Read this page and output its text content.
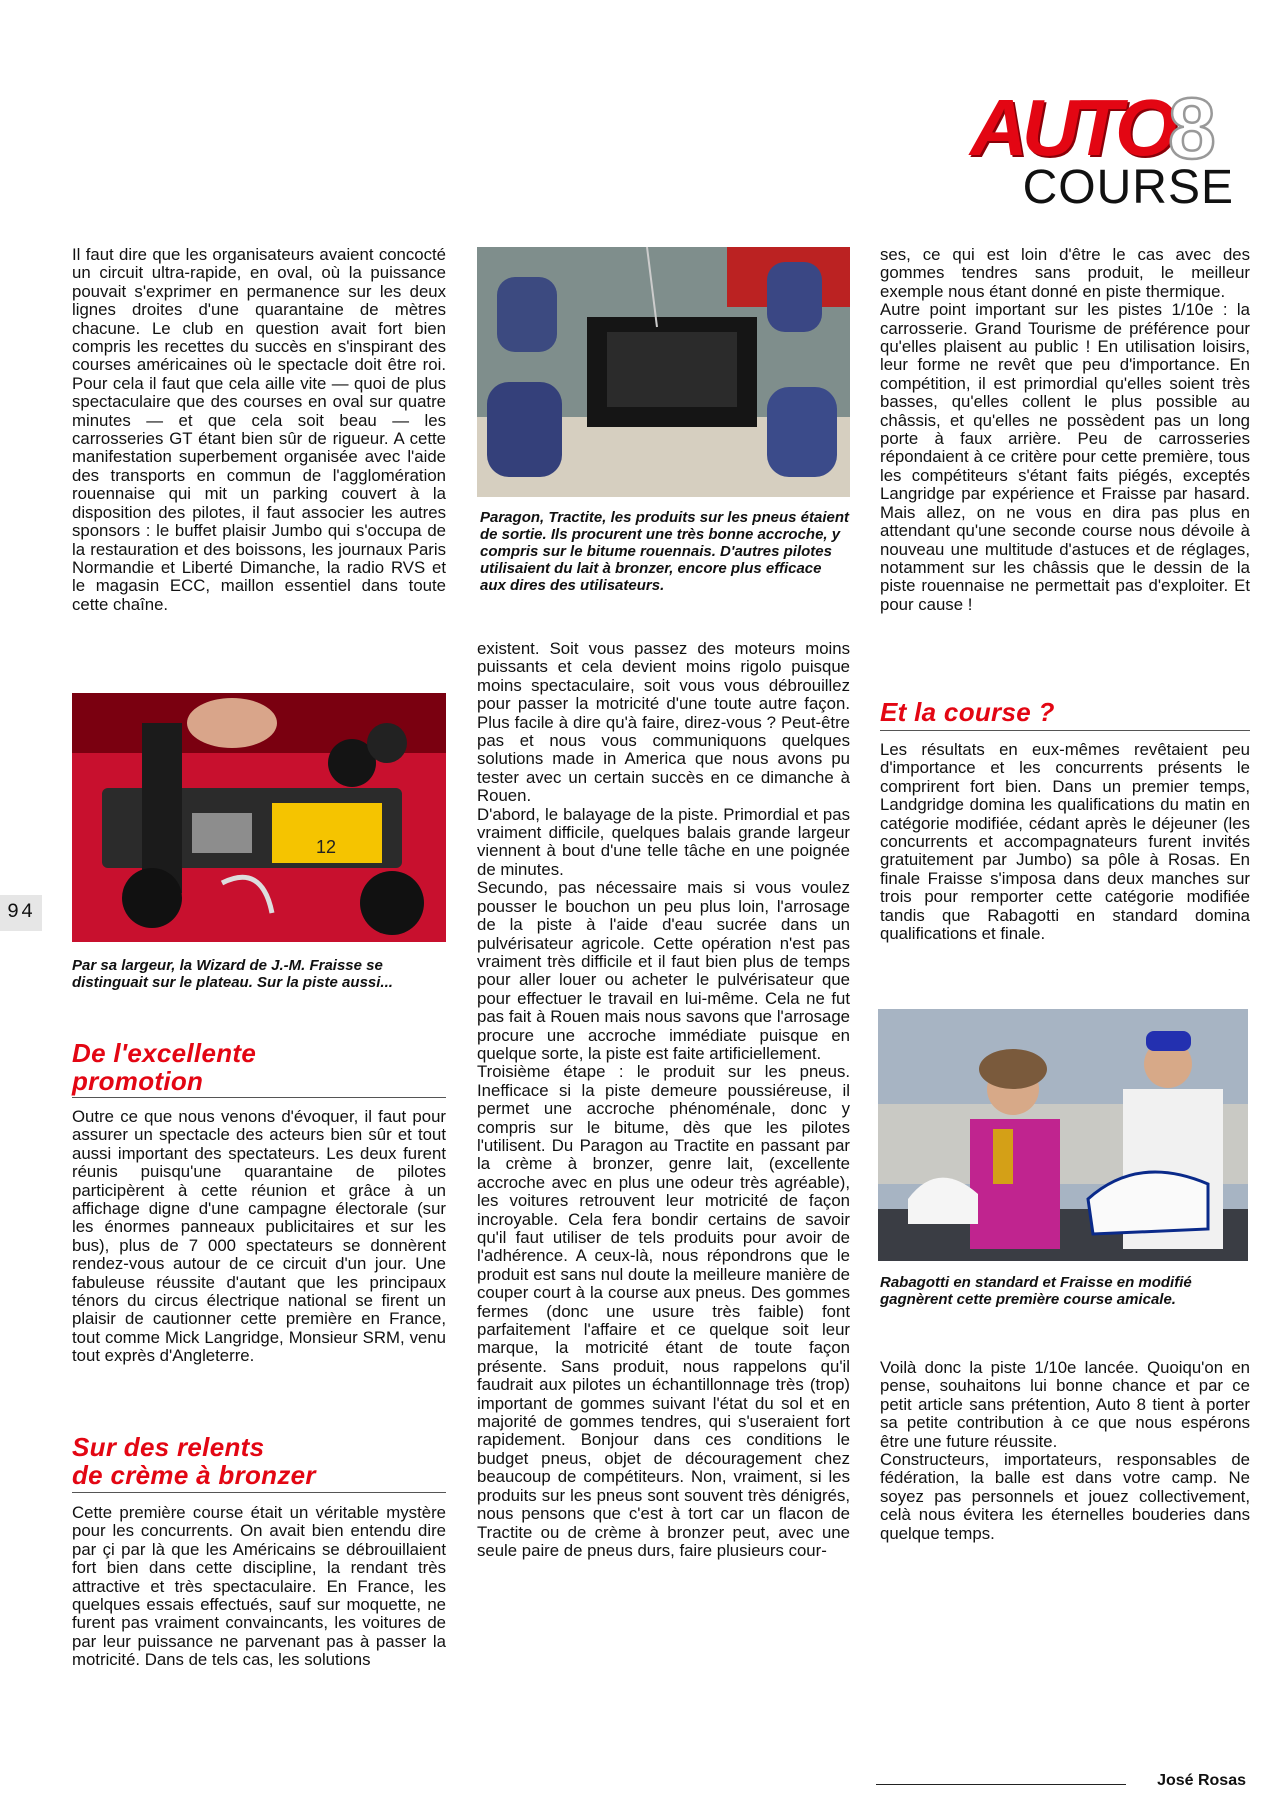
AUTO
8
COURSE
94

Il faut dire que les organisateurs avaient concocté un circuit ultra-rapide, en oval, où la puissance pouvait s'exprimer en permanence sur les deux lignes droites d'une quarantaine de mètres chacune. Le club en question avait fort bien compris les recettes du succès en s'inspirant des courses américaines où le spectacle doit être roi. Pour cela il faut que cela aille vite — quoi de plus spectaculaire que des courses en oval sur quatre minutes — et que cela soit beau — les carrosseries GT étant bien sûr de rigueur. A cette manifestation superbement organisée avec l'aide des transports en commun de l'agglomération rouennaise qui mit un parking couvert à la disposition des pilotes, il faut associer les autres sponsors : le buffet plaisir Jumbo qui s'occupa de la restauration et des boissons, les journaux Paris Normandie et Liberté Dimanche, la radio RVS et le magasin ECC, maillon essentiel dans toute cette chaîne.

12
Par sa largeur, la Wizard de J.-M. Fraisse se distinguait sur le plateau. Sur la piste aussi...
De l'excellente
promotion

Outre ce que nous venons d'évoquer, il faut pour assurer un spectacle des acteurs bien sûr et tout aussi important des spectateurs. Les deux furent réunis puisqu'une quarantaine de pilotes participèrent à cette réunion et grâce à un affichage digne d'une campagne électorale (sur les énormes panneaux publicitaires et sur les bus), plus de 7 000 spectateurs se donnèrent rendez-vous autour de ce circuit d'un jour. Une fabuleuse réussite d'autant que les principaux ténors du circus électrique national se firent un plaisir de cautionner cette première en France, tout comme Mick Langridge, Monsieur SRM, venu tout exprès d'Angleterre.

Sur des relents
de crème à bronzer

Cette première course était un véritable mystère pour les concurrents. On avait bien entendu dire par çi par là que les Américains se débrouillaient fort bien dans cette discipline, la rendant très attractive et très spectaculaire. En France, les quelques essais effectués, sauf sur moquette, ne furent pas vraiment convaincants, les voitures de par leur puissance ne parvenant pas à passer la motricité. Dans de tels cas, les solutions

Paragon, Tractite, les produits sur les pneus étaient de sortie. Ils procurent une très bonne accroche, y compris sur le bitume rouennais. D'autres pilotes utilisaient du lait à bronzer, encore plus efficace aux dires des utilisateurs.

existent. Soit vous passez des moteurs moins puissants et cela devient moins rigolo puisque moins spectaculaire, soit vous vous débrouillez pour passer la motricité d'une toute autre façon. Plus facile à dire qu'à faire, direz-vous ? Peut-être pas et nous vous communiquons quelques solutions made in America que nous avons pu tester avec un certain succès en ce dimanche à Rouen.

D'abord, le balayage de la piste. Primordial et pas vraiment difficile, quelques balais grande largeur viennent à bout d'une telle tâche en une poignée de minutes.

Secundo, pas nécessaire mais si vous voulez pousser le bouchon un peu plus loin, l'arrosage de la piste à l'aide d'eau sucrée dans un pulvérisateur agricole. Cette opération n'est pas vraiment très difficile et il faut bien plus de temps pour aller louer ou acheter le pulvérisateur que pour effectuer le travail en lui-même. Cela ne fut pas fait à Rouen mais nous savons que l'arrosage procure une accroche immédiate puisque en quelque sorte, la piste est faite artificiellement.

Troisième étape : le produit sur les pneus. Inefficace si la piste demeure poussiéreuse, il permet une accroche phénoménale, donc y compris sur le bitume, dès que les pilotes l'utilisent. Du Paragon au Tractite en passant par la crème à bronzer, genre lait, (excellente accroche avec en plus une odeur très agréable), les voitures retrouvent leur motricité de façon incroyable. Cela fera bondir certains de savoir qu'il faut utiliser de tels produits pour avoir de l'adhérence. A ceux-là, nous répondrons que le produit est sans nul doute la meilleure manière de couper court à la course aux pneus. Des gommes fermes (donc une usure très faible) font parfaitement l'affaire et ce quelque soit leur marque, la motricité étant de toute façon présente. Sans produit, nous rappelons qu'il faudrait aux pilotes un échantillonnage très (trop) important de gommes suivant l'état du sol et en majorité de gommes tendres, qui s'useraient fort rapidement. Bonjour dans ces conditions le budget pneus, objet de découragement chez beaucoup de compétiteurs. Non, vraiment, si les produits sur les pneus sont souvent très dénigrés, nous pensons que c'est à tort car un flacon de Tractite ou de crème à bronzer peut, avec une seule paire de pneus durs, faire plusieurs cour-

ses, ce qui est loin d'être le cas avec des gommes tendres sans produit, le meilleur exemple nous étant donné en piste thermique.

Autre point important sur les pistes 1/10e : la carrosserie. Grand Tourisme de préférence pour qu'elles plaisent au public ! En utilisation loisirs, leur forme ne revêt que peu d'importance. En compétition, il est primordial qu'elles soient très basses, qu'elles collent le plus possible au châssis, et qu'elles ne possèdent pas un long porte à faux arrière. Peu de carrosseries répondaient à ce critère pour cette première, tous les compétiteurs s'étant faits piégés, exceptés Langridge par expérience et Fraisse par hasard. Mais allez, on ne vous en dira pas plus en attendant qu'une seconde course nous dévoile à nouveau une multitude d'astuces et de réglages, notamment sur les châssis que le dessin de la piste rouennaise ne permettait pas d'exploiter. Et pour cause !

Et la course ?

Les résultats en eux-mêmes revêtaient peu d'importance et les concurrents présents le comprirent fort bien. Dans un premier temps, Landgridge domina les qualifications du matin en catégorie modifiée, cédant après le déjeuner (les concurrents et accompagnateurs furent invités gratuitement par Jumbo) sa pôle à Rosas. En finale Fraisse s'imposa dans deux manches sur trois pour remporter cette catégorie modifiée tandis que Rabagotti en standard domina qualifications et finale.

Rabagotti en standard et Fraisse en modifié gagnèrent cette première course amicale.

Voilà donc la piste 1/10e lancée. Quoiqu'on en pense, souhaitons lui bonne chance et par ce petit article sans prétention, Auto 8 tient à porter sa petite contribution à ce que nous espérons être une future réussite.

Constructeurs, importateurs, responsables de fédération, la balle est dans votre camp. Ne soyez pas personnels et jouez collectivement, celà nous évitera les éternelles bouderies dans quelque temps.

José Rosas
